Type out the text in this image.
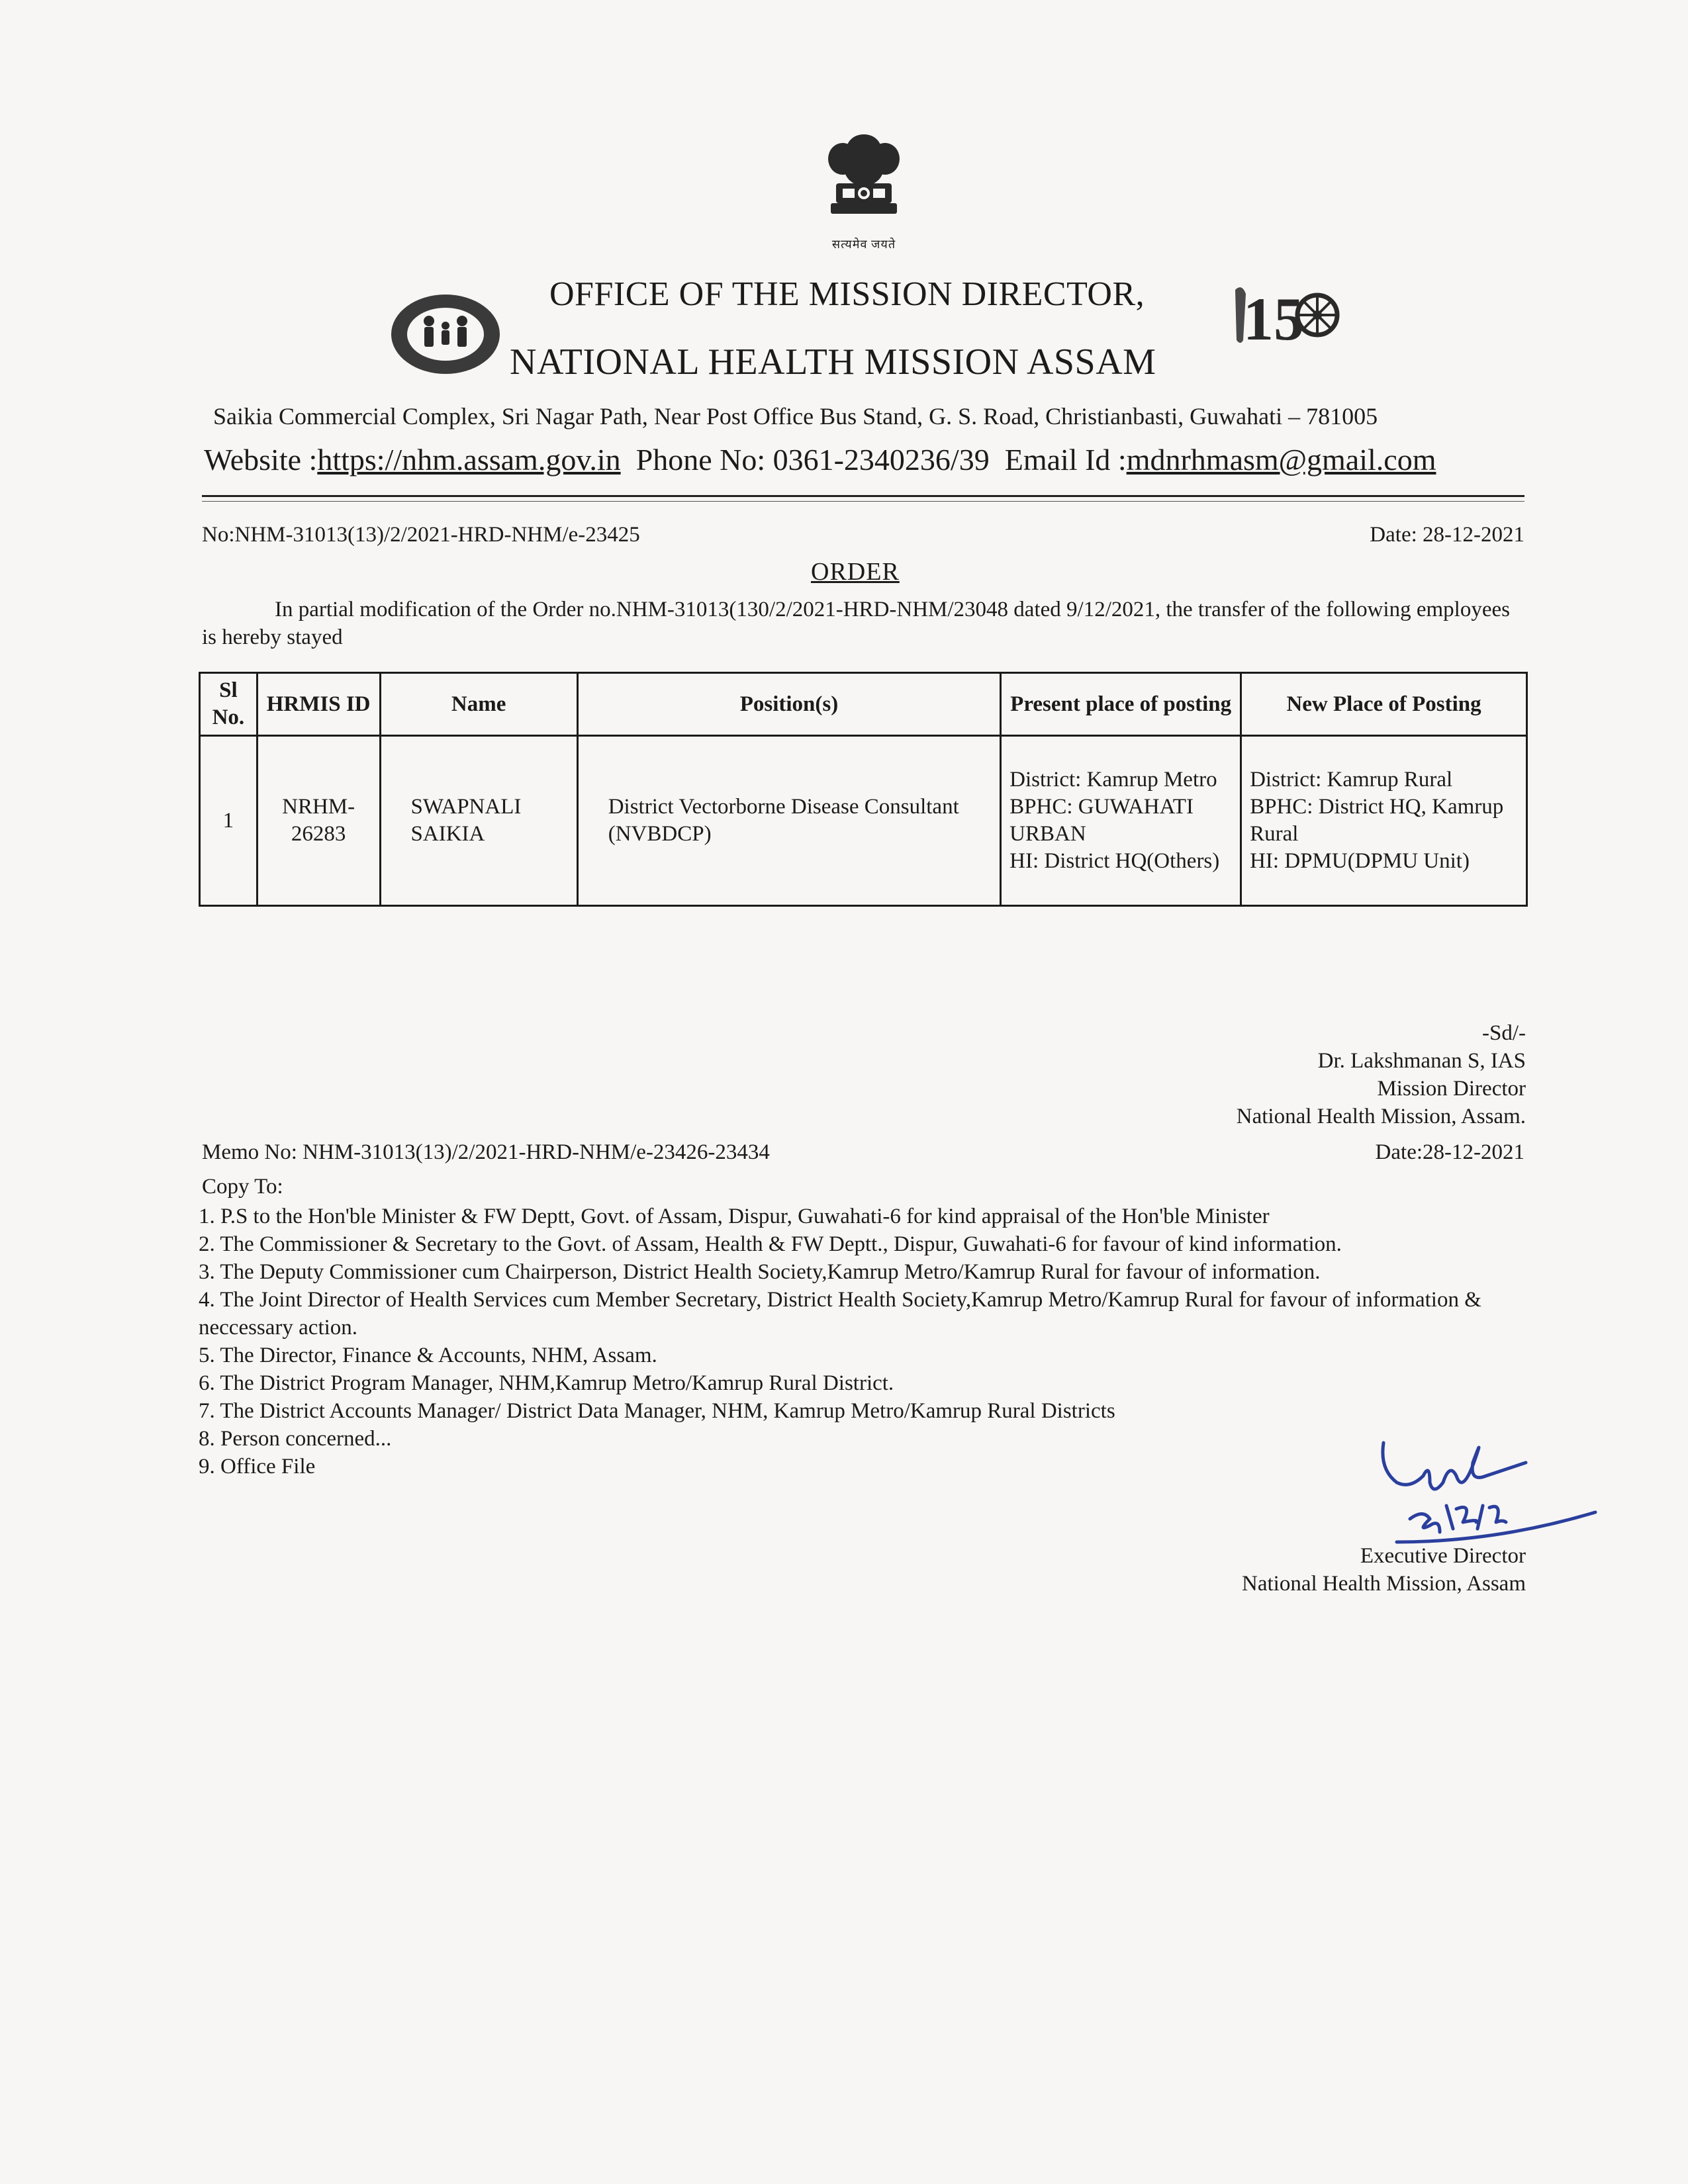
सत्यमेव जयते
OFFICE OF THE MISSION DIRECTOR,
NATIONAL HEALTH MISSION ASSAM
15
Saikia Commercial Complex, Sri Nagar Path, Near Post Office Bus Stand, G. S. Road, Christianbasti, Guwahati – 781005
Website :https://nhm.assam.gov.in Phone No: 0361-2340236/39 Email Id :mdnrhmasm@gmail.com
No:NHM-31013(13)/2/2021-HRD-NHM/e-23425	Date: 28-12-2021
ORDER
In partial modification of the Order no.NHM-31013(130/2/2021-HRD-NHM/23048 dated 9/12/2021, the transfer of the following employees is hereby stayed
Sl No.	HRMIS ID	Name	Position(s)	Present place of posting	New Place of Posting
1	NRHM-26283	SWAPNALI SAIKIA	District Vectorborne Disease Consultant (NVBDCP)	District: Kamrup Metro
BPHC: GUWAHATI URBAN
HI: District HQ(Others)	District: Kamrup Rural
BPHC: District HQ, Kamrup Rural
HI: DPMU(DPMU Unit)
-Sd/-
Dr. Lakshmanan S, IAS
Mission Director
National Health Mission, Assam.
Memo No: NHM-31013(13)/2/2021-HRD-NHM/e-23426-23434	Date:28-12-2021
Copy To:
1. P.S to the Hon'ble Minister & FW Deptt, Govt. of Assam, Dispur, Guwahati-6 for kind appraisal of the Hon'ble Minister
2. The Commissioner & Secretary to the Govt. of Assam, Health & FW Deptt., Dispur, Guwahati-6 for favour of kind information.
3. The Deputy Commissioner cum Chairperson, District Health Society,Kamrup Metro/Kamrup Rural for favour of information.
4. The Joint Director of Health Services cum Member Secretary, District Health Society,Kamrup Metro/Kamrup Rural for favour of information & neccessary action.
5. The Director, Finance & Accounts, NHM, Assam.
6. The District Program Manager, NHM,Kamrup Metro/Kamrup Rural District.
7. The District Accounts Manager/ District Data Manager, NHM, Kamrup Metro/Kamrup Rural Districts
8. Person concerned...
9. Office File
Executive Director
National Health Mission, Assam
